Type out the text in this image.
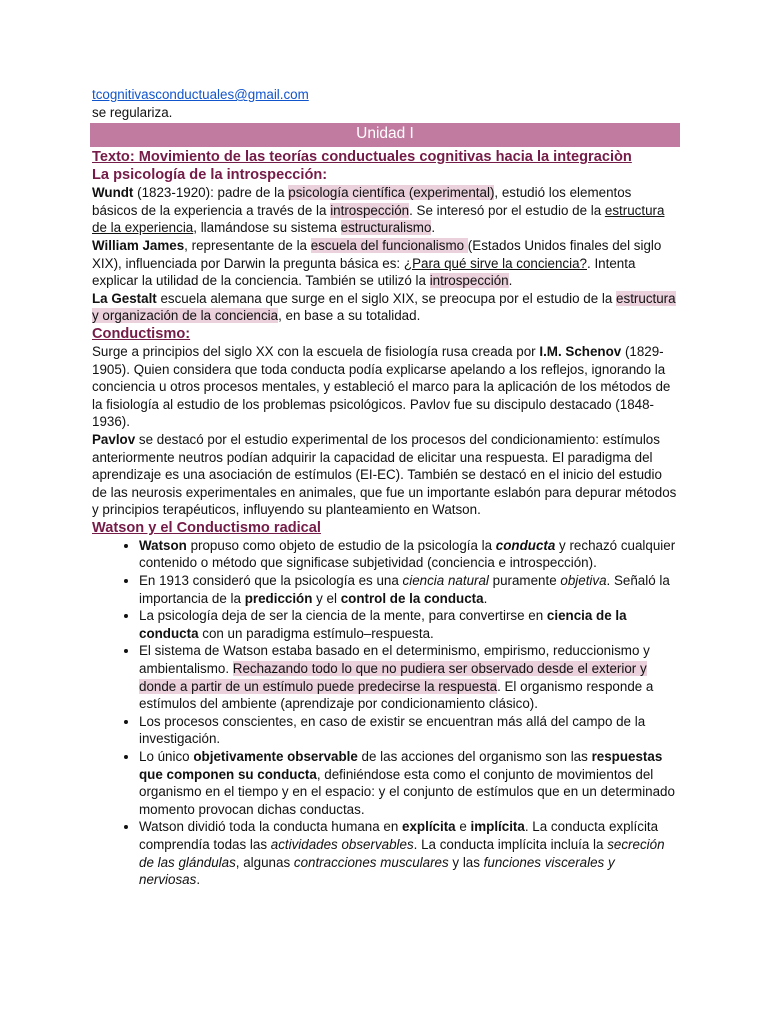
tcognitivasconductuales@gmail.com
se regulariza.
Unidad I
Texto: Movimiento de las teorías conductuales cognitivas hacia la integraciòn
La psicología de la introspección:

Wundt (1823-1920): padre de la psicología científica (experimental), estudió los elementos básicos de la experiencia a través de la introspección. Se interesó por el estudio de la estructura de la experiencia, llamándose su sistema estructuralismo.

William James, representante de la escuela del funcionalismo (Estados Unidos finales del siglo XIX), influenciada por Darwin la pregunta básica es: ¿Para qué sirve la conciencia?. Intenta explicar la utilidad de la conciencia. También se utilizó la introspección.

La Gestalt escuela alemana que surge en el siglo XIX, se preocupa por el estudio de la estructura y organización de la conciencia, en base a su totalidad.

Conductismo:

Surge a principios del siglo XX con la escuela de fisiología rusa creada por I.M. Schenov (1829-1905). Quien considera que toda conducta podía explicarse apelando a los reflejos, ignorando la conciencia u otros procesos mentales, y estableció el marco para la aplicación de los métodos de la fisiología al estudio de los problemas psicológicos. Pavlov fue su discipulo destacado (1848-1936).

Pavlov se destacó por el estudio experimental de los procesos del condicionamiento: estímulos anteriormente neutros podían adquirir la capacidad de elicitar una respuesta. El paradigma del aprendizaje es una asociación de estímulos (EI-EC). También se destacó en el inicio del estudio de las neurosis experimentales en animales, que fue un importante eslabón para depurar métodos y principios terapéuticos, influyendo su planteamiento en Watson.

Watson y el Conductismo radical
• Watson propuso como objeto de estudio de la psicología la conducta y rechazó cualquier contenido o método que significase subjetividad (conciencia e introspección).
• En 1913 consideró que la psicología es una ciencia natural puramente objetiva. Señaló la importancia de la predicción y el control de la conducta.
• La psicología deja de ser la ciencia de la mente, para convertirse en ciencia de la conducta con un paradigma estímulo–respuesta.
• El sistema de Watson estaba basado en el determinismo, empirismo, reduccionismo y ambientalismo. Rechazando todo lo que no pudiera ser observado desde el exterior y donde a partir de un estímulo puede predecirse la respuesta. El organismo responde a estímulos del ambiente (aprendizaje por condicionamiento clásico).
• Los procesos conscientes, en caso de existir se encuentran más allá del campo de la investigación.
• Lo único objetivamente observable de las acciones del organismo son las respuestas que componen su conducta, definiéndose esta como el conjunto de movimientos del organismo en el tiempo y en el espacio: y el conjunto de estímulos que en un determinado momento provocan dichas conductas.
• Watson dividió toda la conducta humana en explícita e implícita. La conducta explícita comprendía todas las actividades observables. La conducta implícita incluía la secreción de las glándulas, algunas contracciones musculares y las funciones viscerales y nerviosas.
